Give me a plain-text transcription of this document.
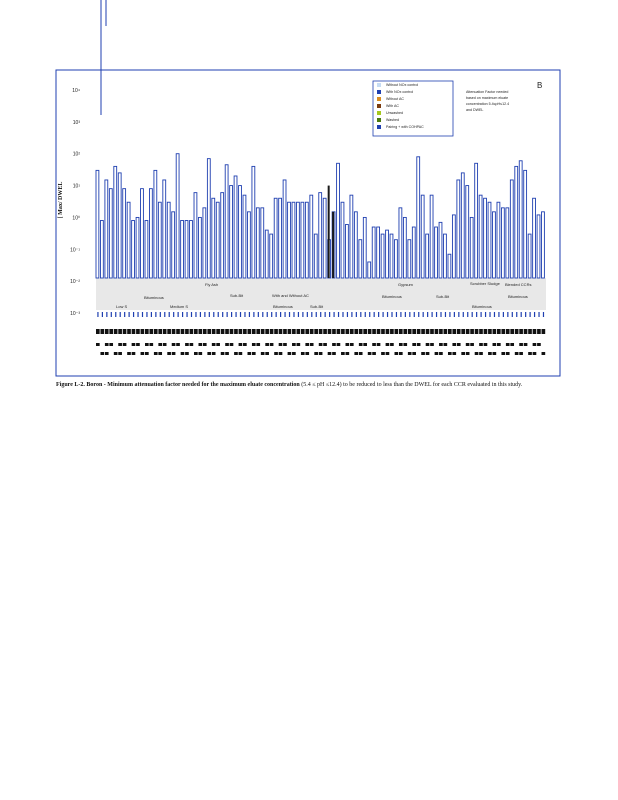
10⁻³
10⁻²
10⁻¹
10⁰
10¹
10²
10³
10⁴
[ Max/ DWEL
Fly Ash
Bituminous
Low S	Medium S
Sub-Bit	With and Without AC
Bituminous	Sub-Bit
Gypsum
Bituminous	Sub-Bit
Scrubber Sludge
Bituminous
Blended CCRs
Bituminous
Without NOx control
With NOx control
Without AC
With AC
Unwashed
Washed
Pairing + with COHPAC
B
Attenuation Factor needed based on maximum eluate concentration 5.4≤pH≤12.4 and DWEL
Figure L-2. Boron - Minimum attenuation factor needed for the maximum eluate concentration (5.4 ≤ pH ≤12.4) to be reduced to less than the DWEL for each CCR evaluated in this study.
